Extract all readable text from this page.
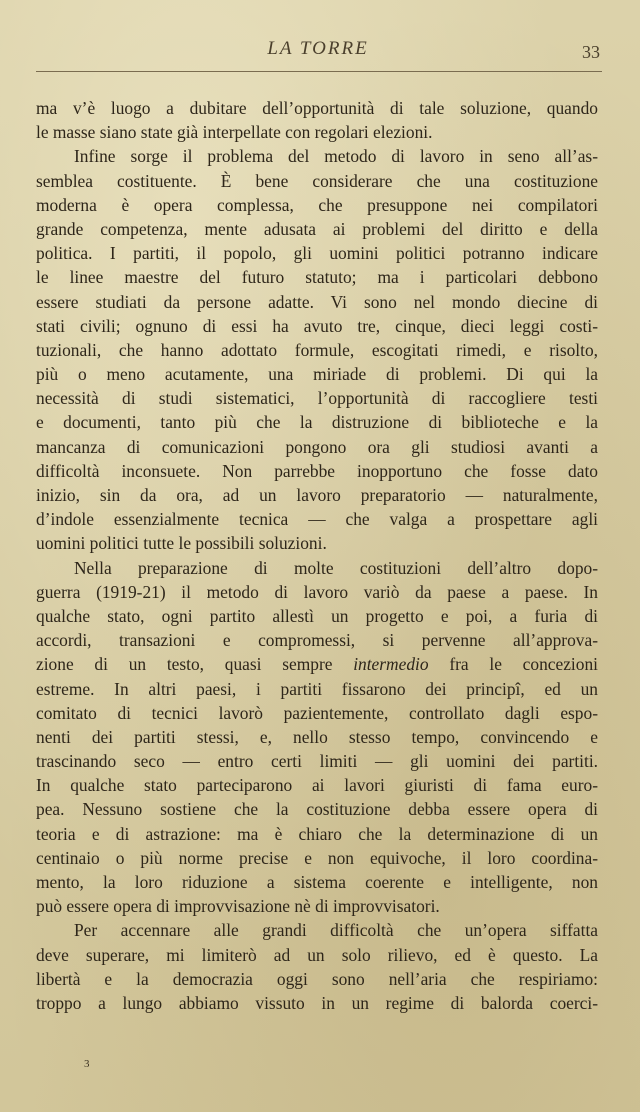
LA TORRE	33
ma v’è luogo a dubitare dell’opportunità di tale soluzione, quando
le masse siano state già interpellate con regolari elezioni.
Infine sorge il problema del metodo di lavoro in seno all’as-
semblea costituente. È bene considerare che una costituzione
moderna è opera complessa, che presuppone nei compilatori
grande competenza, mente adusata ai problemi del diritto e della
politica. I partiti, il popolo, gli uomini politici potranno indicare
le linee maestre del futuro statuto; ma i particolari debbono
essere studiati da persone adatte. Vi sono nel mondo diecine di
stati civili; ognuno di essi ha avuto tre, cinque, dieci leggi costi-
tuzionali, che hanno adottato formule, escogitati rimedi, e risolto,
più o meno acutamente, una miriade di problemi. Di qui la
necessità di studi sistematici, l’opportunità di raccogliere testi
e documenti, tanto più che la distruzione di biblioteche e la
mancanza di comunicazioni pongono ora gli studiosi avanti a
difficoltà inconsuete. Non parrebbe inopportuno che fosse dato
inizio, sin da ora, ad un lavoro preparatorio — naturalmente,
d’indole essenzialmente tecnica — che valga a prospettare agli
uomini politici tutte le possibili soluzioni.
Nella preparazione di molte costituzioni dell’altro dopo-
guerra (1919-21) il metodo di lavoro variò da paese a paese. In
qualche stato, ogni partito allestì un progetto e poi, a furia di
accordi, transazioni e compromessi, si pervenne all’approva-
zione di un testo, quasi sempre intermedio fra le concezioni
estreme. In altri paesi, i partiti fissarono dei principî, ed un
comitato di tecnici lavorò pazientemente, controllato dagli espo-
nenti dei partiti stessi, e, nello stesso tempo, convincendo e
trascinando seco — entro certi limiti — gli uomini dei partiti.
In qualche stato parteciparono ai lavori giuristi di fama euro-
pea. Nessuno sostiene che la costituzione debba essere opera di
teoria e di astrazione: ma è chiaro che la determinazione di un
centinaio o più norme precise e non equivoche, il loro coordina-
mento, la loro riduzione a sistema coerente e intelligente, non
può essere opera di improvvisazione nè di improvvisatori.
Per accennare alle grandi difficoltà che un’opera siffatta
deve superare, mi limiterò ad un solo rilievo, ed è questo. La
libertà e la democrazia oggi sono nell’aria che respiriamo:
troppo a lungo abbiamo vissuto in un regime di balorda coerci-
3
